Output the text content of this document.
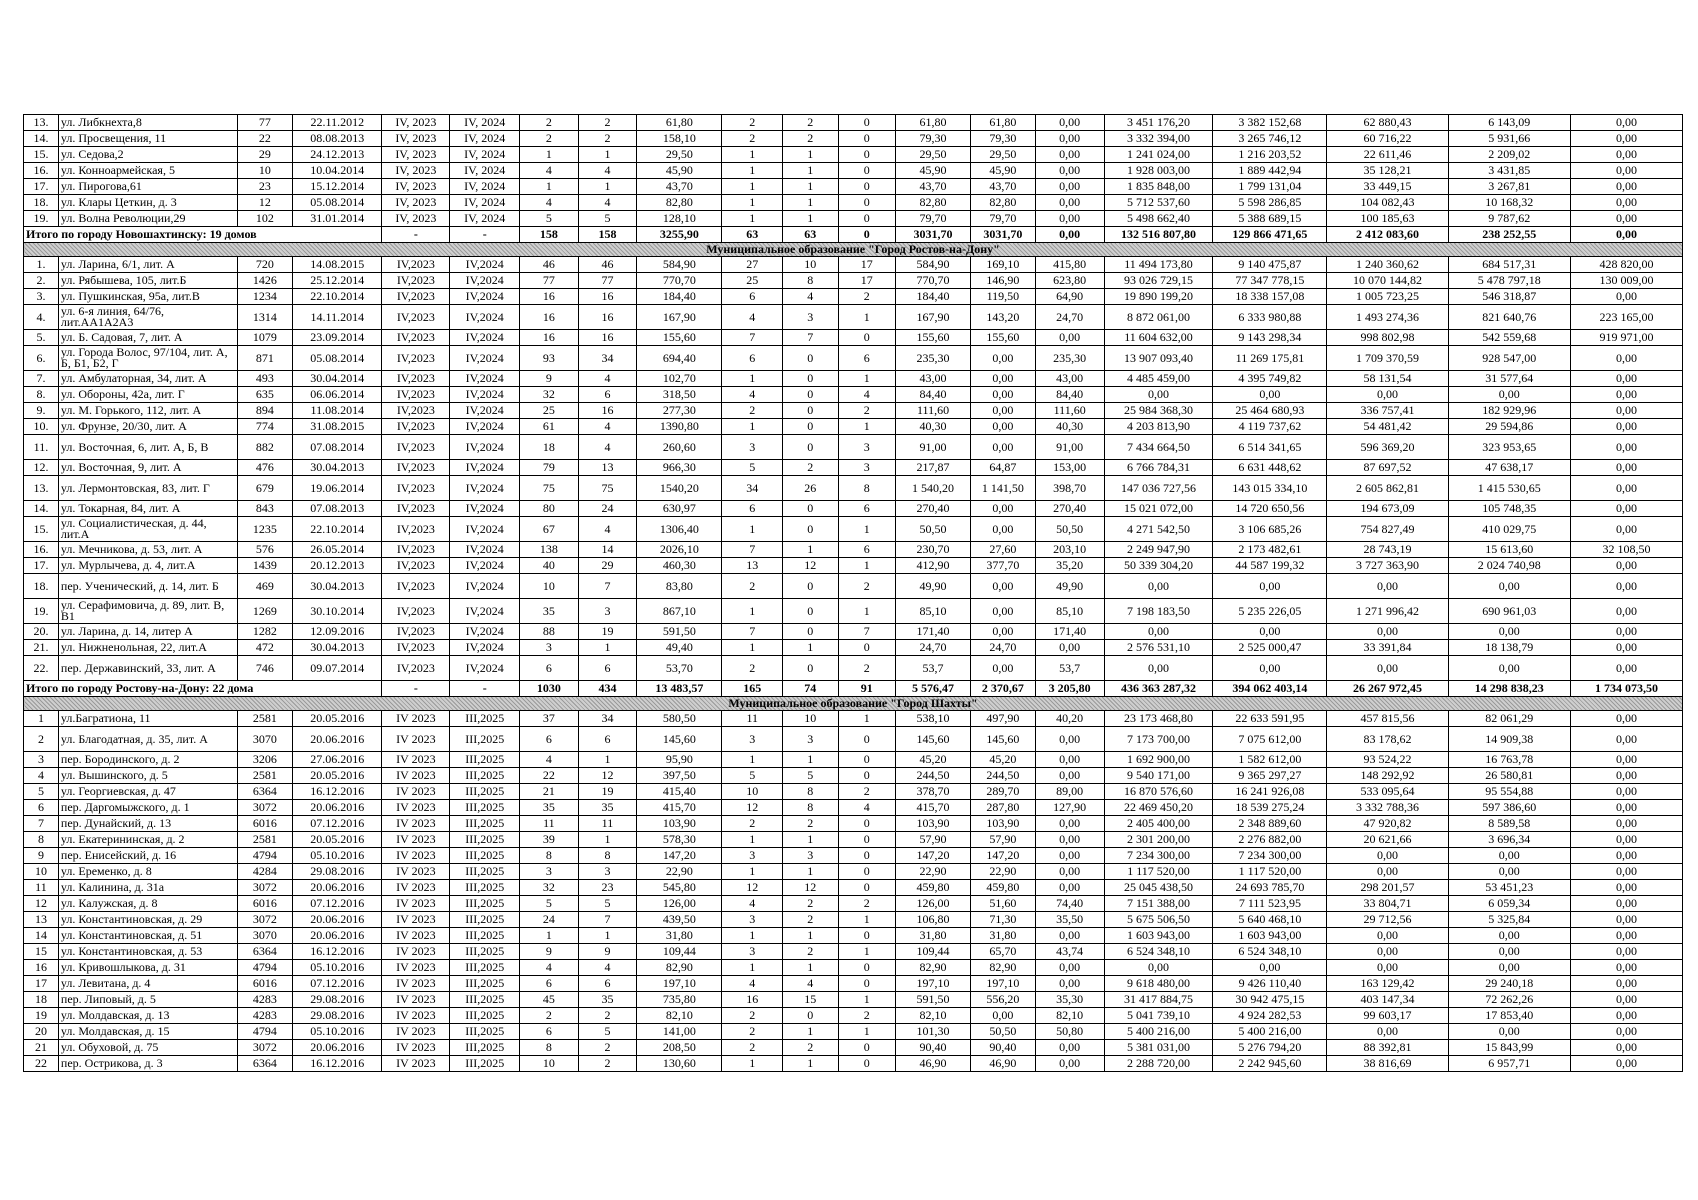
13.	ул. Либкнехта,8	77	22.11.2012	IV, 2023	IV, 2024	2	2	61,80	2	2	0	61,80	61,80	0,00	3 451 176,20	3 382 152,68	62 880,43	6 143,09	0,00
14.	ул. Просвещения, 11	22	08.08.2013	IV, 2023	IV, 2024	2	2	158,10	2	2	0	79,30	79,30	0,00	3 332 394,00	3 265 746,12	60 716,22	5 931,66	0,00
15.	ул. Седова,2	29	24.12.2013	IV, 2023	IV, 2024	1	1	29,50	1	1	0	29,50	29,50	0,00	1 241 024,00	1 216 203,52	22 611,46	2 209,02	0,00
16.	ул. Конноармейская, 5	10	10.04.2014	IV, 2023	IV, 2024	4	4	45,90	1	1	0	45,90	45,90	0,00	1 928 003,00	1 889 442,94	35 128,21	3 431,85	0,00
17.	ул. Пирогова,61	23	15.12.2014	IV, 2023	IV, 2024	1	1	43,70	1	1	0	43,70	43,70	0,00	1 835 848,00	1 799 131,04	33 449,15	3 267,81	0,00
18.	ул. Клары Цеткин, д. 3	12	05.08.2014	IV, 2023	IV, 2024	4	4	82,80	1	1	0	82,80	82,80	0,00	5 712 537,60	5 598 286,85	104 082,43	10 168,32	0,00
19.	ул. Волна Революции,29	102	31.01.2014	IV, 2023	IV, 2024	5	5	128,10	1	1	0	79,70	79,70	0,00	5 498 662,40	5 388 689,15	100 185,63	9 787,62	0,00
Итого по городу Новошахтинску: 19 домов				-	-	158	158	3255,90	63	63	0	3031,70	3031,70	0,00	132 516 807,80	129 866 471,65	2 412 083,60	238 252,55	0,00
Муниципальное образование "Город Ростов-на-Дону"																			
1.	ул. Ларина, 6/1, лит. А	720	14.08.2015	IV,2023	IV,2024	46	46	584,90	27	10	17	584,90	169,10	415,80	11 494 173,80	9 140 475,87	1 240 360,62	684 517,31	428 820,00
2.	ул. Рябышева, 105, лит.Б	1426	25.12.2014	IV,2023	IV,2024	77	77	770,70	25	8	17	770,70	146,90	623,80	93 026 729,15	77 347 778,15	10 070 144,82	5 478 797,18	130 009,00
3.	ул. Пушкинская, 95а, лит.В	1234	22.10.2014	IV,2023	IV,2024	16	16	184,40	6	4	2	184,40	119,50	64,90	19 890 199,20	18 338 157,08	1 005 723,25	546 318,87	0,00
4.	ул. 6-я линия, 64/76, лит.АА1А2А3	1314	14.11.2014	IV,2023	IV,2024	16	16	167,90	4	3	1	167,90	143,20	24,70	8 872 061,00	6 333 980,88	1 493 274,36	821 640,76	223 165,00
5.	ул. Б. Садовая, 7, лит. А	1079	23.09.2014	IV,2023	IV,2024	16	16	155,60	7	7	0	155,60	155,60	0,00	11 604 632,00	9 143 298,34	998 802,98	542 559,68	919 971,00
6.	ул. Города Волос, 97/104, лит. А, Б, Б1, Б2, Г	871	05.08.2014	IV,2023	IV,2024	93	34	694,40	6	0	6	235,30	0,00	235,30	13 907 093,40	11 269 175,81	1 709 370,59	928 547,00	0,00
7.	ул. Амбулаторная, 34, лит. А	493	30.04.2014	IV,2023	IV,2024	9	4	102,70	1	0	1	43,00	0,00	43,00	4 485 459,00	4 395 749,82	58 131,54	31 577,64	0,00
8.	ул. Обороны, 42а, лит. Г	635	06.06.2014	IV,2023	IV,2024	32	6	318,50	4	0	4	84,40	0,00	84,40	0,00	0,00	0,00	0,00	0,00
9.	ул. М. Горького, 112, лит. А	894	11.08.2014	IV,2023	IV,2024	25	16	277,30	2	0	2	111,60	0,00	111,60	25 984 368,30	25 464 680,93	336 757,41	182 929,96	0,00
10.	ул. Фрунзе, 20/30, лит. А	774	31.08.2015	IV,2023	IV,2024	61	4	1390,80	1	0	1	40,30	0,00	40,30	4 203 813,90	4 119 737,62	54 481,42	29 594,86	0,00
11.	ул. Восточная, 6, лит. А, Б, В	882	07.08.2014	IV,2023	IV,2024	18	4	260,60	3	0	3	91,00	0,00	91,00	7 434 664,50	6 514 341,65	596 369,20	323 953,65	0,00
12.	ул. Восточная, 9, лит. А	476	30.04.2013	IV,2023	IV,2024	79	13	966,30	5	2	3	217,87	64,87	153,00	6 766 784,31	6 631 448,62	87 697,52	47 638,17	0,00
13.	ул. Лермонтовская, 83, лит. Г	679	19.06.2014	IV,2023	IV,2024	75	75	1540,20	34	26	8	1 540,20	1 141,50	398,70	147 036 727,56	143 015 334,10	2 605 862,81	1 415 530,65	0,00
14.	ул. Токарная, 84, лит. А	843	07.08.2013	IV,2023	IV,2024	80	24	630,97	6	0	6	270,40	0,00	270,40	15 021 072,00	14 720 650,56	194 673,09	105 748,35	0,00
15.	ул. Социалистическая, д. 44, лит.А	1235	22.10.2014	IV,2023	IV,2024	67	4	1306,40	1	0	1	50,50	0,00	50,50	4 271 542,50	3 106 685,26	754 827,49	410 029,75	0,00
16.	ул. Мечникова, д. 53, лит. А	576	26.05.2014	IV,2023	IV,2024	138	14	2026,10	7	1	6	230,70	27,60	203,10	2 249 947,90	2 173 482,61	28 743,19	15 613,60	32 108,50
17.	ул. Мурлычева, д. 4, лит.А	1439	20.12.2013	IV,2023	IV,2024	40	29	460,30	13	12	1	412,90	377,70	35,20	50 339 304,20	44 587 199,32	3 727 363,90	2 024 740,98	0,00
18.	пер. Ученический, д. 14, лит. Б	469	30.04.2013	IV,2023	IV,2024	10	7	83,80	2	0	2	49,90	0,00	49,90	0,00	0,00	0,00	0,00	0,00
19.	ул. Серафимовича, д. 89, лит. В, В1	1269	30.10.2014	IV,2023	IV,2024	35	3	867,10	1	0	1	85,10	0,00	85,10	7 198 183,50	5 235 226,05	1 271 996,42	690 961,03	0,00
20.	ул. Ларина, д. 14, литер А	1282	12.09.2016	IV,2023	IV,2024	88	19	591,50	7	0	7	171,40	0,00	171,40	0,00	0,00	0,00	0,00	0,00
21.	ул. Нижненольная, 22, лит.А	472	30.04.2013	IV,2023	IV,2024	3	1	49,40	1	1	0	24,70	24,70	0,00	2 576 531,10	2 525 000,47	33 391,84	18 138,79	0,00
22.	пер. Державинский, 33, лит. А	746	09.07.2014	IV,2023	IV,2024	6	6	53,70	2	0	2	53,7	0,00	53,7	0,00	0,00	0,00	0,00	0,00
Итого по городу Ростову-на-Дону: 22 дома				-	-	1030	434	13 483,57	165	74	91	5 576,47	2 370,67	3 205,80	436 363 287,32	394 062 403,14	26 267 972,45	14 298 838,23	1 734 073,50
Муниципальное образование "Город Шахты"																			
1	ул.Багратиона, 11	2581	20.05.2016	IV 2023	III,2025	37	34	580,50	11	10	1	538,10	497,90	40,20	23 173 468,80	22 633 591,95	457 815,56	82 061,29	0,00
2	ул. Благодатная, д. 35, лит. А	3070	20.06.2016	IV 2023	III,2025	6	6	145,60	3	3	0	145,60	145,60	0,00	7 173 700,00	7 075 612,00	83 178,62	14 909,38	0,00
3	пер. Бородинского, д. 2	3206	27.06.2016	IV 2023	III,2025	4	1	95,90	1	1	0	45,20	45,20	0,00	1 692 900,00	1 582 612,00	93 524,22	16 763,78	0,00
4	ул. Вышинского, д. 5	2581	20.05.2016	IV 2023	III,2025	22	12	397,50	5	5	0	244,50	244,50	0,00	9 540 171,00	9 365 297,27	148 292,92	26 580,81	0,00
5	ул. Георгиевская, д. 47	6364	16.12.2016	IV 2023	III,2025	21	19	415,40	10	8	2	378,70	289,70	89,00	16 870 576,60	16 241 926,08	533 095,64	95 554,88	0,00
6	пер. Даргомыжского, д. 1	3072	20.06.2016	IV 2023	III,2025	35	35	415,70	12	8	4	415,70	287,80	127,90	22 469 450,20	18 539 275,24	3 332 788,36	597 386,60	0,00
7	пер. Дунайский, д. 13	6016	07.12.2016	IV 2023	III,2025	11	11	103,90	2	2	0	103,90	103,90	0,00	2 405 400,00	2 348 889,60	47 920,82	8 589,58	0,00
8	ул. Екатерининская, д. 2	2581	20.05.2016	IV 2023	III,2025	39	1	578,30	1	1	0	57,90	57,90	0,00	2 301 200,00	2 276 882,00	20 621,66	3 696,34	0,00
9	пер. Енисейский, д. 16	4794	05.10.2016	IV 2023	III,2025	8	8	147,20	3	3	0	147,20	147,20	0,00	7 234 300,00	7 234 300,00	0,00	0,00	0,00
10	ул. Еременко, д. 8	4284	29.08.2016	IV 2023	III,2025	3	3	22,90	1	1	0	22,90	22,90	0,00	1 117 520,00	1 117 520,00	0,00	0,00	0,00
11	ул. Калинина, д. 31а	3072	20.06.2016	IV 2023	III,2025	32	23	545,80	12	12	0	459,80	459,80	0,00	25 045 438,50	24 693 785,70	298 201,57	53 451,23	0,00
12	ул. Калужская, д. 8	6016	07.12.2016	IV 2023	III,2025	5	5	126,00	4	2	2	126,00	51,60	74,40	7 151 388,00	7 111 523,95	33 804,71	6 059,34	0,00
13	ул. Константиновская, д. 29	3072	20.06.2016	IV 2023	III,2025	24	7	439,50	3	2	1	106,80	71,30	35,50	5 675 506,50	5 640 468,10	29 712,56	5 325,84	0,00
14	ул. Константиновская, д. 51	3070	20.06.2016	IV 2023	III,2025	1	1	31,80	1	1	0	31,80	31,80	0,00	1 603 943,00	1 603 943,00	0,00	0,00	0,00
15	ул. Константиновская, д. 53	6364	16.12.2016	IV 2023	III,2025	9	9	109,44	3	2	1	109,44	65,70	43,74	6 524 348,10	6 524 348,10	0,00	0,00	0,00
16	ул. Кривошлыкова, д. 31	4794	05.10.2016	IV 2023	III,2025	4	4	82,90	1	1	0	82,90	82,90	0,00	0,00	0,00	0,00	0,00	0,00
17	ул. Левитана, д. 4	6016	07.12.2016	IV 2023	III,2025	6	6	197,10	4	4	0	197,10	197,10	0,00	9 618 480,00	9 426 110,40	163 129,42	29 240,18	0,00
18	пер. Липовый, д. 5	4283	29.08.2016	IV 2023	III,2025	45	35	735,80	16	15	1	591,50	556,20	35,30	31 417 884,75	30 942 475,15	403 147,34	72 262,26	0,00
19	ул. Молдавская, д. 13	4283	29.08.2016	IV 2023	III,2025	2	2	82,10	2	0	2	82,10	0,00	82,10	5 041 739,10	4 924 282,53	99 603,17	17 853,40	0,00
20	ул. Молдавская, д. 15	4794	05.10.2016	IV 2023	III,2025	6	5	141,00	2	1	1	101,30	50,50	50,80	5 400 216,00	5 400 216,00	0,00	0,00	0,00
21	ул. Обуховой, д. 75	3072	20.06.2016	IV 2023	III,2025	8	2	208,50	2	2	0	90,40	90,40	0,00	5 381 031,00	5 276 794,20	88 392,81	15 843,99	0,00
22	пер. Острикова, д. 3	6364	16.12.2016	IV 2023	III,2025	10	2	130,60	1	1	0	46,90	46,90	0,00	2 288 720,00	2 242 945,60	38 816,69	6 957,71	0,00
